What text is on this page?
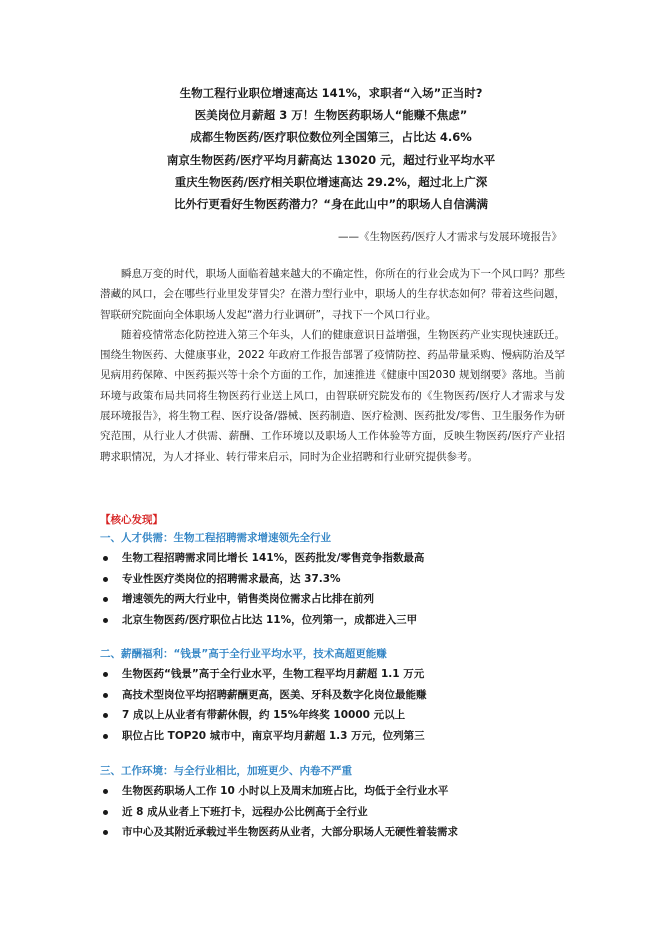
生物工程行业职位增速高达 141%，求职者“入场”正当时?

医美岗位月薪超 3 万！生物医药职场人“能赚不焦虑”

成都生物医药/医疗职位数位列全国第三，占比达 4.6%

南京生物医药/医疗平均月薪高达 13020 元，超过行业平均水平

重庆生物医药/医疗相关职位增速高达 29.2%，超过北上广深

比外行更看好生物医药潜力？“身在此山中”的职场人自信满满

——《生物医药/医疗人才需求与发展环境报告》

瞬息万变的时代，职场人面临着越来越大的不确定性，你所在的行业会成为下一个风口吗？那些潜藏的风口，会在哪些行业里发芽冒尖？在潜力型行业中，职场人的生存状态如何？带着这些问题，智联研究院面向全体职场人发起“潜力行业调研”，寻找下一个风口行业。

随着疫情常态化防控进入第三个年头，人们的健康意识日益增强，生物医药产业实现快速跃迁。围绕生物医药、大健康事业，2022 年政府工作报告部署了疫情防控、药品带量采购、慢病防治及罕见病用药保障、中医药振兴等十余个方面的工作，加速推进《健康中国2030 规划纲要》落地。当前环境与政策布局共同将生物医药行业送上风口，由智联研究院发布的《生物医药/医疗人才需求与发展环境报告》，将生物工程、医疗设备/器械、医药制造、医疗检测、医药批发/零售、卫生服务作为研究范围，从行业人才供需、薪酬、工作环境以及职场人工作体验等方面，反映生物医药/医疗产业招聘求职情况，为人才择业、转行带来启示，同时为企业招聘和行业研究提供参考。

【核心发现】

一、人才供需：生物工程招聘需求增速领先全行业

生物工程招聘需求同比增长 141%，医药批发/零售竞争指数最高
专业性医疗类岗位的招聘需求最高，达 37.3%
增速领先的两大行业中，销售类岗位需求占比排在前列
北京生物医药/医疗职位占比达 11%，位列第一，成都进入三甲

二、薪酬福利：“钱景”高于全行业平均水平，技术高超更能赚

生物医药“钱景”高于全行业水平，生物工程平均月薪超 1.1 万元
高技术型岗位平均招聘薪酬更高，医美、牙科及数字化岗位最能赚
7 成以上从业者有带薪休假，约 15%年终奖 10000 元以上
职位占比 TOP20 城市中，南京平均月薪超 1.3 万元，位列第三

三、工作环境：与全行业相比，加班更少、内卷不严重

生物医药职场人工作 10 小时以上及周末加班占比，均低于全行业水平
近 8 成从业者上下班打卡，远程办公比例高于全行业
市中心及其附近承载过半生物医药从业者，大部分职场人无硬性着装需求
